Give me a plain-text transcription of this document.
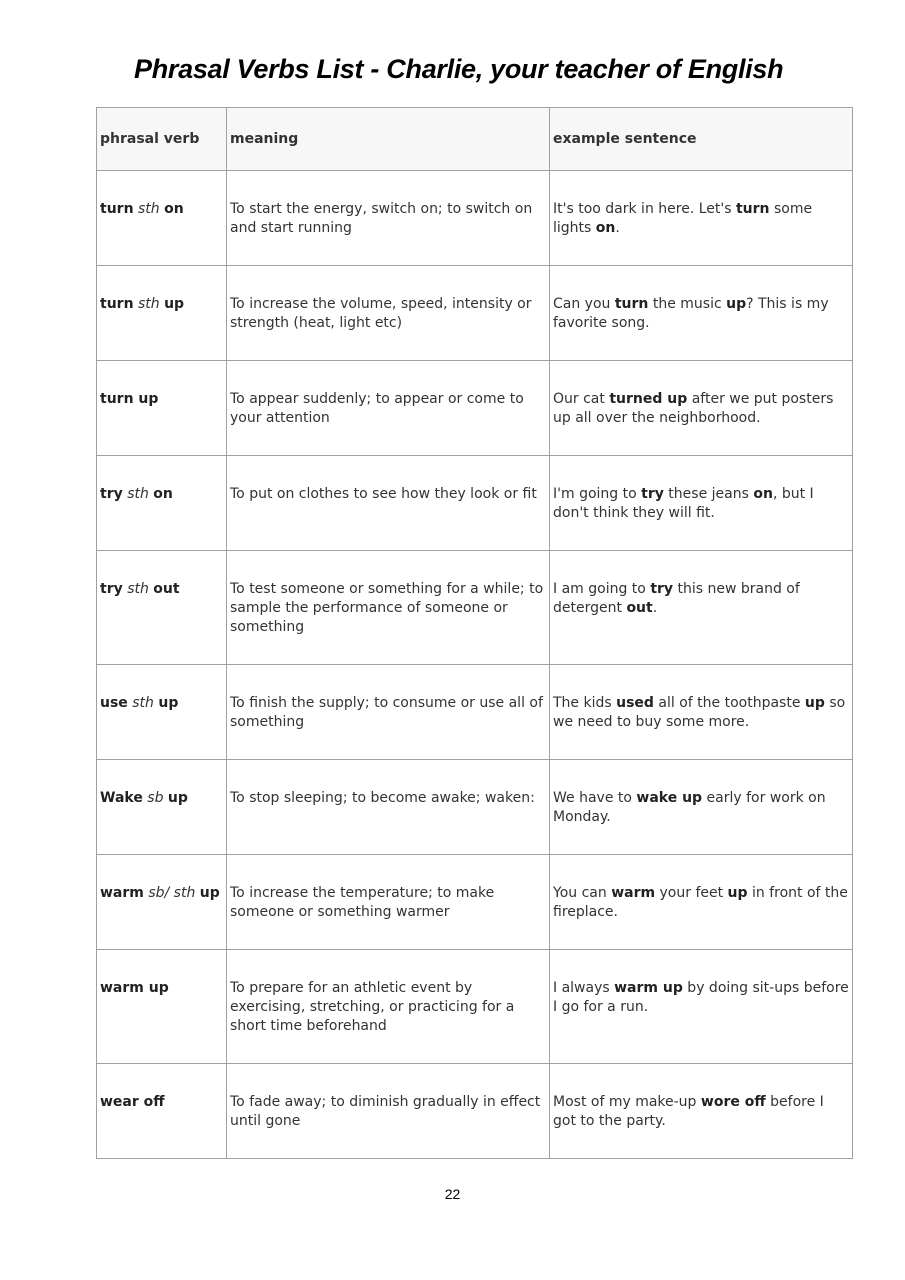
Phrasal Verbs List - Charlie, your teacher of English
phrasal verb	meaning	example sentence

turn sth on	To start the energy, switch on; to switch on and start running	It's too dark in here. Let's turn some lights on.

turn sth up	To increase the volume, speed, intensity or strength (heat, light etc)	Can you turn the music up? This is my favorite song.

turn up	To appear suddenly; to appear or come to your attention	Our cat turned up after we put posters up all over the neighborhood.

try sth on	To put on clothes to see how they look or fit	I'm going to try these jeans on, but I don't think they will fit.

try sth out	To test someone or something for a while; to sample the performance of someone or something	I am going to try this new brand of detergent out.

use sth up	To finish the supply; to consume or use all of something	The kids used all of the toothpaste up so we need to buy some more.

Wake sb up	To stop sleeping; to become awake; waken:	We have to wake up early for work on Monday.

warm sb/ sth up	To increase the temperature; to make someone or something warmer	You can warm your feet up in front of the fireplace.

warm up	To prepare for an athletic event by exercising, stretching, or practicing for a short time beforehand	I always warm up by doing sit-ups before I go for a run.

wear off	To fade away; to diminish gradually in effect until gone	Most of my make-up wore off before I got to the party.
22
